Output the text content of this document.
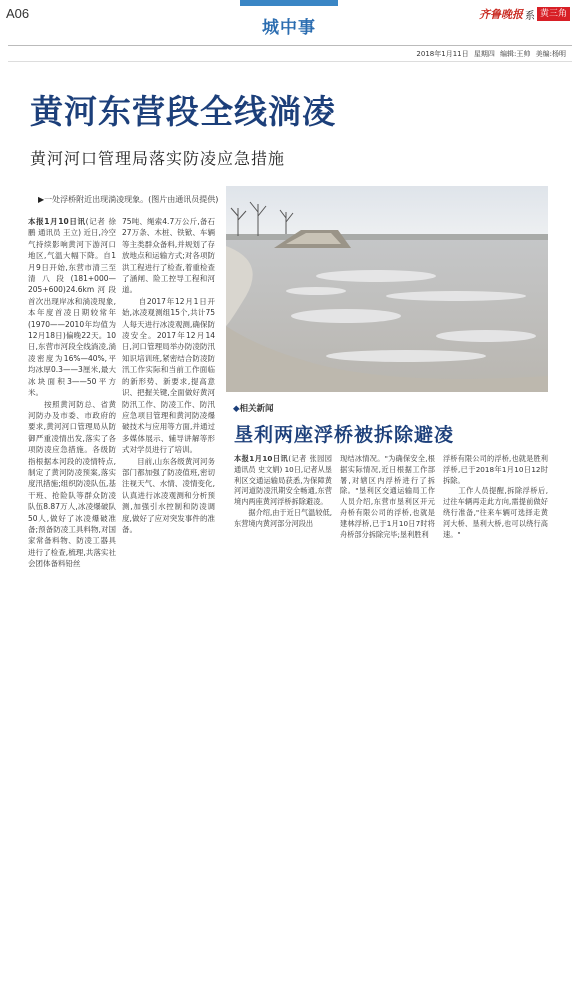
A06
城中事
齐鲁晚报 系 黄三角
2018年1月11日 星期四 编辑:王帅 美编:杨明
黄河东营段全线淌凌
黄河河口管理局落实防凌应急措施
▶一处浮桥附近出现淌凌现象。(图片由通讯员提供)
本报1月10日讯(记者 徐鹏 通讯员 王立) 近日,冷空气持续影响黄河下游河口地区,气温大幅下降。自1月9日开始,东营市清三至清八段(181+000—205+600)24.6km河段首次出现岸冰和淌凌现象,本年度首凌日期较常年(1970——2010年均值为12月18日)偏晚22天。10日,东营市河段全线淌凌,淌凌密度为16%—40%,平均冰厚0.3——3厘米,最大冰块面积3——50平方米。
　　按照黄河防总、省黄河防办及市委、市政府的要求,黄河河口管理局从防御严重凌情出发,落实了各项防凌应急措施。各级防指根据本河段的凌情特点,制定了黄河防凌预案,落实度汛措施;组织防凌队伍,基干班、抢险队等群众防凌队伍8.87万人,冰凌爆破队50人,做好了冰凌爆破准备;预备防凌工具料物,对国家常备料物、防凌工器具进行了检查,梳理,共落实社会团体备料铅丝
75吨、绳索4.7万公斤,备石27万条、木桩、铁锨、车辆等主类群众备料,并规划了存放地点和运输方式;对各项防洪工程进行了检查,着重检查了涵闸、险工控导工程和河道。
　　自2017年12月1日开始,冰凌观测组15个,共计75人每天进行冰凌观测,确保防凌安全。2017年12月14日,河口管理局举办防凌防汛知识培训班,紧密结合防凌防汛工作实际和当前工作面临的新形势、新要求,提高意识、把握关键,全面做好黄河防汛工作、防凌工作、防汛应急项目管理和黄河防凌爆破技术与应用等方面,并通过多媒体展示、辅导讲解等形式对学员进行了培训。
　　目前,山东各级黄河河务部门都加强了防凌值班,密切注视天气、水情、凌情变化,认真进行冰凌观测和分析预测,加强引水控制和防凌调度,做好了应对突发事件的准备。
◆相关新闻
垦利两座浮桥被拆除避凌
本报1月10日讯(记者 张园园 通讯员 史文娟) 10日,记者从垦利区交通运输局获悉,为保障黄河河道防凌汛期安全畅通,东营境内两座黄河浮桥拆除避凌。
　　据介绍,由于近日气温较低,东营境内黄河部分河段出
现结冰情况。"为确保安全,根据实际情况,近日根据工作部署,对辖区内浮桥进行了拆除。"垦利区交通运输局工作人员介绍,东营市垦利区开元舟桥有限公司的浮桥,也就是建林浮桥,已于1月10日7时将舟桥部分拆除完毕;垦利胜利
浮桥有限公司的浮桥,也就是胜利浮桥,已于2018年1月10日12时拆除。
　　工作人员提醒,拆除浮桥后,过往车辆再走此方向,需提前做好绕行准备,"往来车辆可选择走黄河大桥、垦利大桥,也可以绕行高速。"
